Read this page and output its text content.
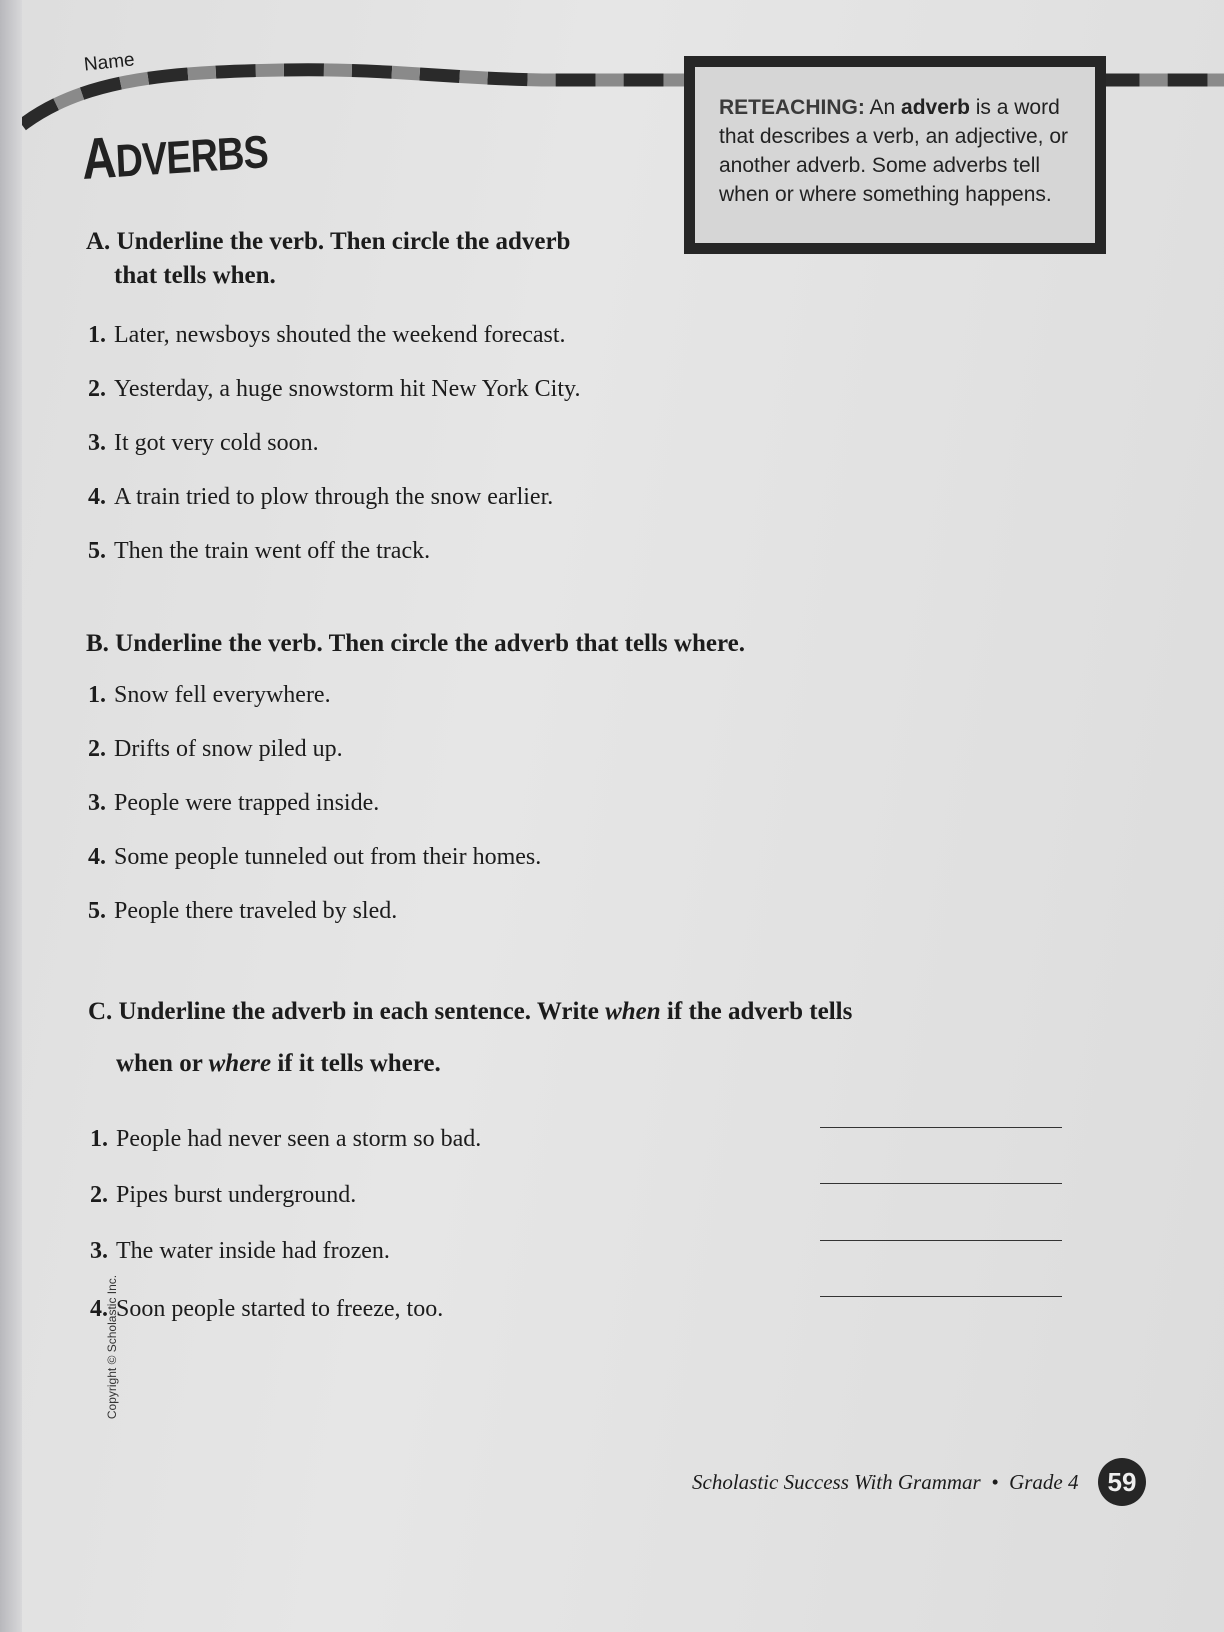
Name
ADVERBS

RETEACHING: An adverb is a word that describes a verb, an adjective, or another adverb. Some adverbs tell when or where something happens.

A. Underline the verb. Then circle the adverb
that tells when.
1. Later, newsboys shouted the weekend forecast.
2. Yesterday, a huge snowstorm hit New York City.
3. It got very cold soon.
4. A train tried to plow through the snow earlier.
5. Then the train went off the track.
B. Underline the verb. Then circle the adverb that tells where.
1. Snow fell everywhere.
2. Drifts of snow piled up.
3. People were trapped inside.
4. Some people tunneled out from their homes.
5. People there traveled by sled.
C. Underline the adverb in each sentence. Write when if the adverb tells
when or where if it tells where.
1. People had never seen a storm so bad.
2. Pipes burst underground.
3. The water inside had frozen.
4. Soon people started to freeze, too.
Copyright © Scholastic Inc.
Scholastic Success With Grammar • Grade 4	59
